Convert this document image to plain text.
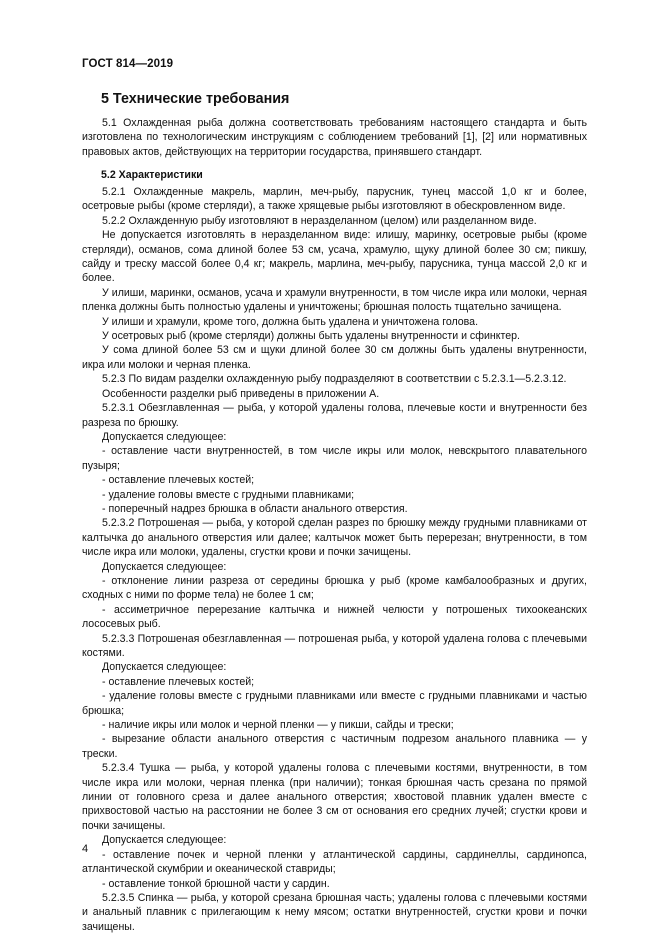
ГОСТ 814—2019
5 Технические требования

5.1 Охлажденная рыба должна соответствовать требованиям настоящего стандарта и быть изготовлена по технологическим инструкциям с соблюдением требований [1], [2] или нормативных правовых актов, действующих на территории государства, принявшего стандарт.

5.2 Характеристики

5.2.1 Охлажденные макрель, марлин, меч-рыбу, парусник, тунец массой 1,0 кг и более, осетровые рыбы (кроме стерляди), а также хрящевые рыбы изготовляют в обескровленном виде.

5.2.2 Охлажденную рыбу изготовляют в неразделанном (целом) или разделанном виде.

Не допускается изготовлять в неразделанном виде: илишу, маринку, осетровые рыбы (кроме стерляди), османов, сома длиной более 53 см, усача, храмулю, щуку длиной более 30 см; пикшу, сайду и треску массой более 0,4 кг; макрель, марлина, меч-рыбу, парусника, тунца массой 2,0 кг и более.

У илиши, маринки, османов, усача и храмули внутренности, в том числе икра или молоки, черная пленка должны быть полностью удалены и уничтожены; брюшная полость тщательно зачищена.

У илиши и храмули, кроме того, должна быть удалена и уничтожена голова.

У осетровых рыб (кроме стерляди) должны быть удалены внутренности и сфинктер.

У сома длиной более 53 см и щуки длиной более 30 см должны быть удалены внутренности, икра или молоки и черная пленка.

5.2.3 По видам разделки охлажденную рыбу подразделяют в соответствии с 5.2.3.1—5.2.3.12.

Особенности разделки рыб приведены в приложении А.

5.2.3.1 Обезглавленная — рыба, у которой удалены голова, плечевые кости и внутренности без разреза по брюшку.

Допускается следующее:

- оставление части внутренностей, в том числе икры или молок, невскрытого плавательного пузыря;

- оставление плечевых костей;

- удаление головы вместе с грудными плавниками;

- поперечный надрез брюшка в области анального отверстия.

5.2.3.2 Потрошеная — рыба, у которой сделан разрез по брюшку между грудными плавниками от калтычка до анального отверстия или далее; калтычок может быть перерезан; внутренности, в том числе икра или молоки, удалены, сгустки крови и почки зачищены.

Допускается следующее:

- отклонение линии разреза от середины брюшка у рыб (кроме камбалообразных и других, сходных с ними по форме тела) не более 1 см;

- ассиметричное перерезание калтычка и нижней челюсти у потрошеных тихоокеанских лососевых рыб.

5.2.3.3 Потрошеная обезглавленная — потрошеная рыба, у которой удалена голова с плечевыми костями.

Допускается следующее:

- оставление плечевых костей;

- удаление головы вместе с грудными плавниками или вместе с грудными плавниками и частью брюшка;

- наличие икры или молок и черной пленки — у пикши, сайды и трески;

- вырезание области анального отверстия с частичным подрезом анального плавника — у трески.

5.2.3.4 Тушка — рыба, у которой удалены голова с плечевыми костями, внутренности, в том числе икра или молоки, черная пленка (при наличии); тонкая брюшная часть срезана по прямой линии от головного среза и далее анального отверстия; хвостовой плавник удален вместе с прихвостовой частью на расстоянии не более 3 см от основания его средних лучей; сгустки крови и почки зачищены.

Допускается следующее:

- оставление почек и черной пленки у атлантической сардины, сардинеллы, сардинопса, атлантической скумбрии и океанической ставриды;

- оставление тонкой брюшной части у сардин.

5.2.3.5 Спинка — рыба, у которой срезана брюшная часть; удалены голова с плечевыми костями и анальный плавник с прилегающим к нему мясом; остатки внутренностей, сгустки крови и почки зачищены.

4
